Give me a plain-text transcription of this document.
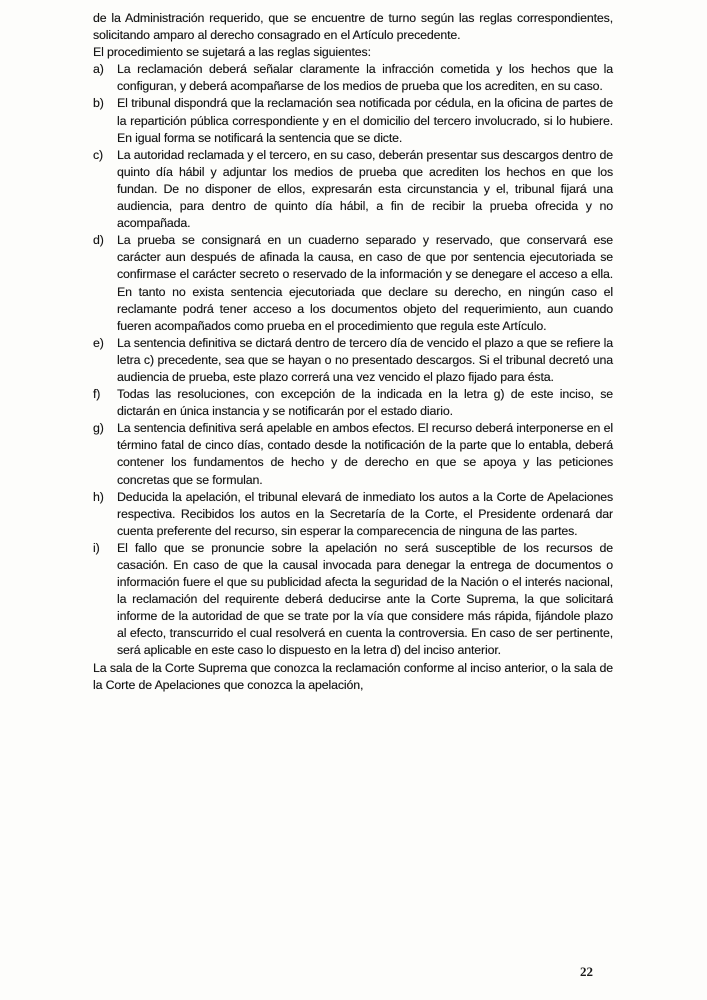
de la Administración requerido, que se encuentre de turno según las reglas correspondientes, solicitando amparo al derecho consagrado en el Artículo precedente.

El procedimiento se sujetará a las reglas siguientes:

a)	La reclamación deberá señalar claramente la infracción cometida y los hechos que la configuran, y deberá acompañarse de los medios de prueba que los acrediten, en su caso.
b)	El tribunal dispondrá que la reclamación sea notificada por cédula, en la oficina de partes de la repartición pública correspondiente y en el domicilio del tercero involucrado, si lo hubiere. En igual forma se notificará la sentencia que se dicte.
c)	La autoridad reclamada y el tercero, en su caso, deberán presentar sus descargos dentro de quinto día hábil y adjuntar los medios de prueba que acrediten los hechos en que los fundan. De no disponer de ellos, expresarán esta circunstancia y el, tribunal fijará una audiencia, para dentro de quinto día hábil, a fin de recibir la prueba ofrecida y no acompañada.
d)	La prueba se consignará en un cuaderno separado y reservado, que conservará ese carácter aun después de afinada la causa, en caso de que por sentencia ejecutoriada se confirmase el carácter secreto o reservado de la información y se denegare el acceso a ella. En tanto no exista sentencia ejecutoriada que declare su derecho, en ningún caso el reclamante podrá tener acceso a los documentos objeto del requerimiento, aun cuando fueren acompañados como prueba en el procedimiento que regula este Artículo.
e)	La sentencia definitiva se dictará dentro de tercero día de vencido el plazo a que se refiere la letra c) precedente, sea que se hayan o no presentado descargos. Si el tribunal decretó una audiencia de prueba, este plazo correrá una vez vencido el plazo fijado para ésta.
f)	Todas las resoluciones, con excepción de la indicada en la letra g) de este inciso, se dictarán en única instancia y se notificarán por el estado diario.
g)	La sentencia definitiva será apelable en ambos efectos. El recurso deberá interponerse en el término fatal de cinco días, contado desde la notificación de la parte que lo entabla, deberá contener los fundamentos de hecho y de derecho en que se apoya y las peticiones concretas que se formulan.
h)	Deducida la apelación, el tribunal elevará de inmediato los autos a la Corte de Apelaciones respectiva. Recibidos los autos en la Secretaría de la Corte, el Presidente ordenará dar cuenta preferente del recurso, sin esperar la comparecencia de ninguna de las partes.
i)	El fallo que se pronuncie sobre la apelación no será susceptible de los recursos de casación. En caso de que la causal invocada para denegar la entrega de documentos o información fuere el que su publicidad afecta la seguridad de la Nación o el interés nacional, la reclamación del requirente deberá deducirse ante la Corte Suprema, la que solicitará informe de la autoridad de que se trate por la vía que considere más rápida, fijándole plazo al efecto, transcurrido el cual resolverá en cuenta la controversia. En caso de ser pertinente, será aplicable en este caso lo dispuesto en la letra d) del inciso anterior.

La sala de la Corte Suprema que conozca la reclamación conforme al inciso anterior, o la sala de la Corte de Apelaciones que conozca la apelación,

22
